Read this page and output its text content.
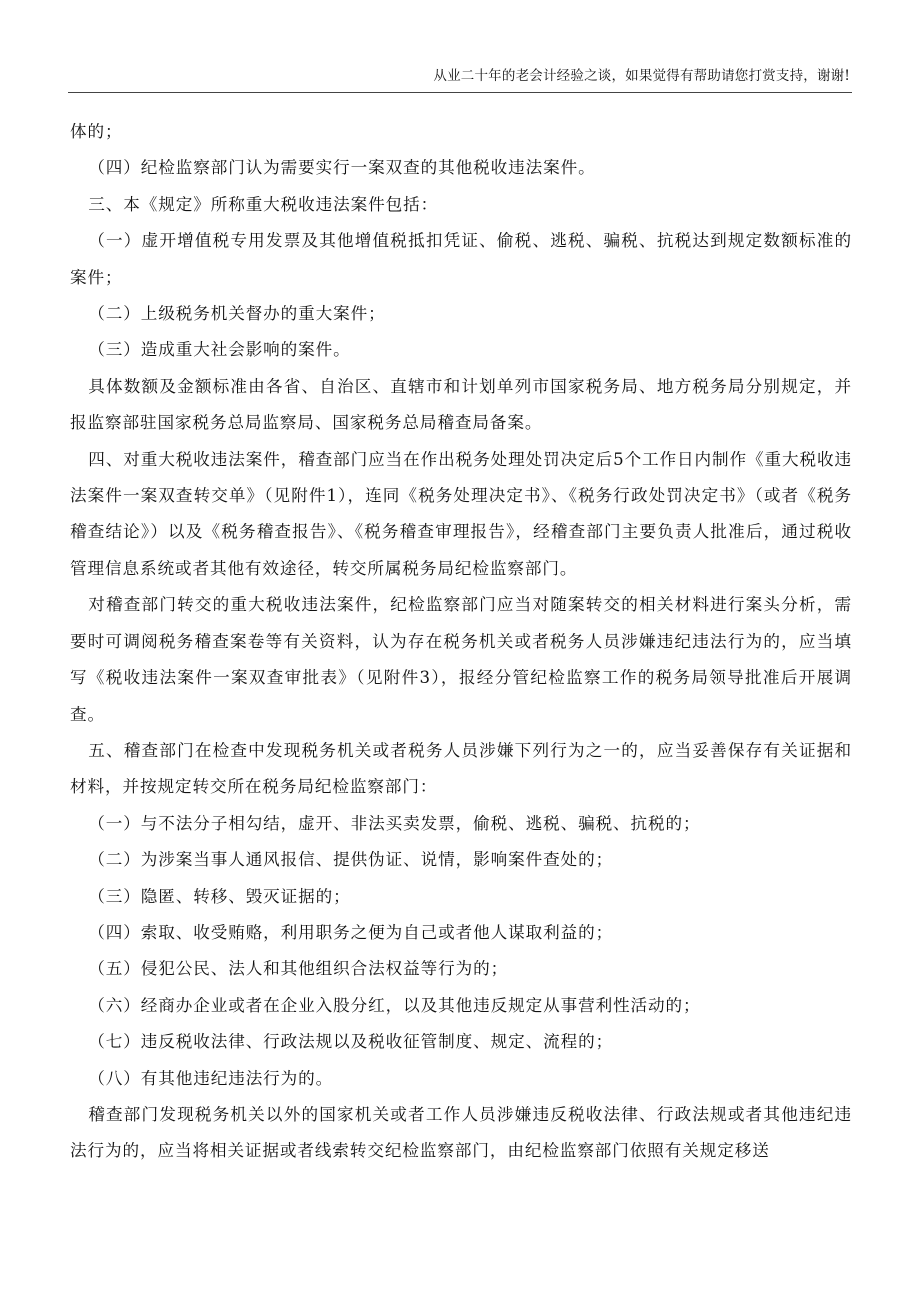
从业二十年的老会计经验之谈，如果觉得有帮助请您打赏支持，谢谢!

体的；

（四）纪检监察部门认为需要实行一案双查的其他税收违法案件。

三、本《规定》所称重大税收违法案件包括：

（一）虚开增值税专用发票及其他增值税抵扣凭证、偷税、逃税、骗税、抗税达到规定数额标准的案件；

（二）上级税务机关督办的重大案件；

（三）造成重大社会影响的案件。

具体数额及金额标准由各省、自治区、直辖市和计划单列市国家税务局、地方税务局分别规定，并报监察部驻国家税务总局监察局、国家税务总局稽查局备案。

四、对重大税收违法案件，稽查部门应当在作出税务处理处罚决定后5个工作日内制作《重大税收违法案件一案双查转交单》（见附件1），连同《税务处理决定书》、《税务行政处罚决定书》（或者《税务稽查结论》）以及《税务稽查报告》、《税务稽查审理报告》，经稽查部门主要负责人批准后，通过税收管理信息系统或者其他有效途径，转交所属税务局纪检监察部门。

对稽查部门转交的重大税收违法案件，纪检监察部门应当对随案转交的相关材料进行案头分析，需要时可调阅税务稽查案卷等有关资料，认为存在税务机关或者税务人员涉嫌违纪违法行为的，应当填写《税收违法案件一案双查审批表》（见附件3），报经分管纪检监察工作的税务局领导批准后开展调查。

五、稽查部门在检查中发现税务机关或者税务人员涉嫌下列行为之一的，应当妥善保存有关证据和材料，并按规定转交所在税务局纪检监察部门：

（一）与不法分子相勾结，虚开、非法买卖发票，偷税、逃税、骗税、抗税的；

（二）为涉案当事人通风报信、提供伪证、说情，影响案件查处的；

（三）隐匿、转移、毁灭证据的；

（四）索取、收受贿赂，利用职务之便为自己或者他人谋取利益的；

（五）侵犯公民、法人和其他组织合法权益等行为的；

（六）经商办企业或者在企业入股分红，以及其他违反规定从事营利性活动的；

（七）违反税收法律、行政法规以及税收征管制度、规定、流程的；

（八）有其他违纪违法行为的。

稽查部门发现税务机关以外的国家机关或者工作人员涉嫌违反税收法律、行政法规或者其他违纪违法行为的，应当将相关证据或者线索转交纪检监察部门，由纪检监察部门依照有关规定移送
